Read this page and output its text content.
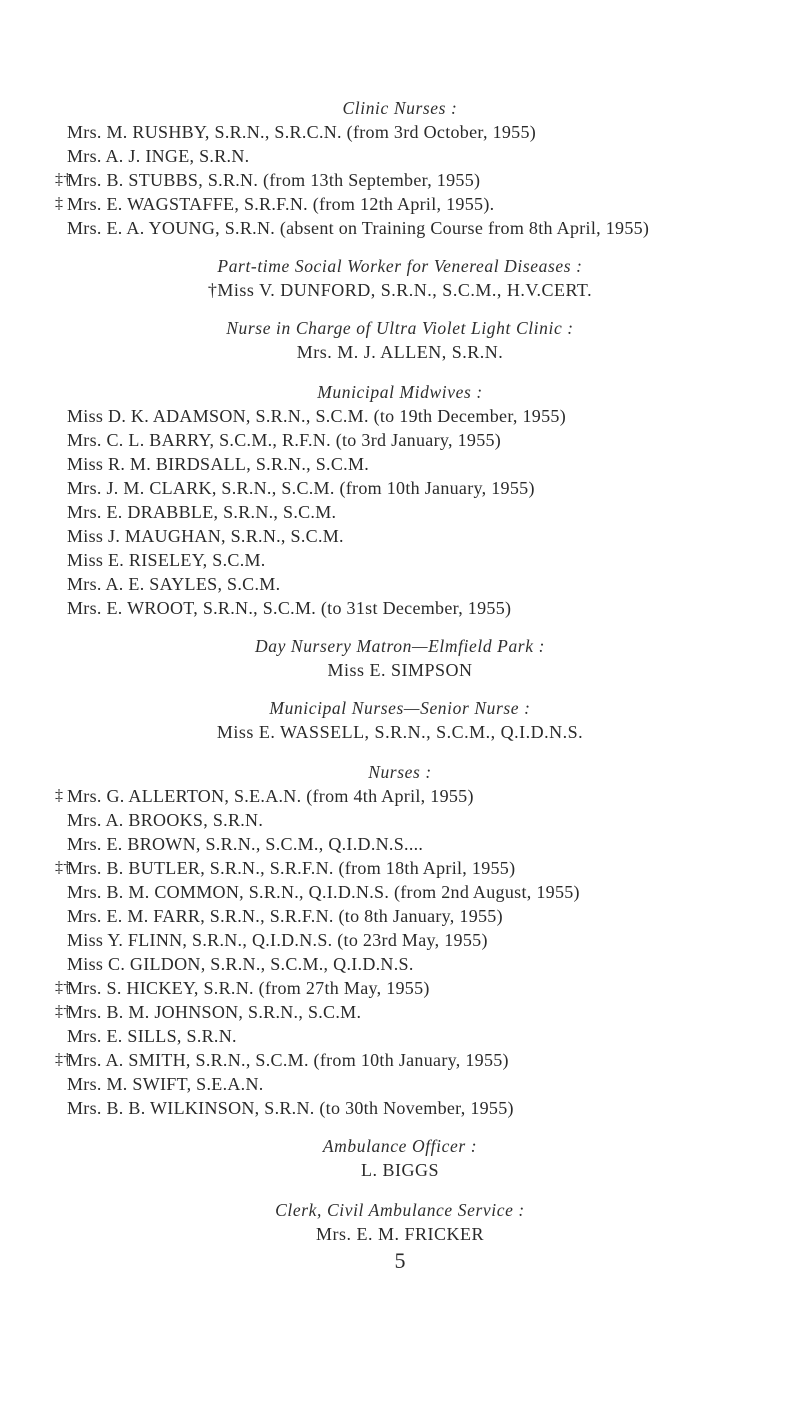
Clinic Nurses :
Mrs. M. RUSHBY, S.R.N., S.R.C.N. (from 3rd October, 1955)
Mrs. A. J. INGE, S.R.N.
‡†
Mrs. B. STUBBS, S.R.N. (from 13th September, 1955)
‡ Mrs. E. WAGSTAFFE, S.R.F.N. (from 12th April, 1955).
Mrs. E. A. YOUNG, S.R.N. (absent on Training Course from 8th April, 1955)
Part-time Social Worker for Venereal Diseases :
†Miss V. DUNFORD, S.R.N., S.C.M., H.V.CERT.
Nurse in Charge of Ultra Violet Light Clinic :
Mrs. M. J. ALLEN, S.R.N.
Municipal Midwives :
Miss D. K. ADAMSON, S.R.N., S.C.M. (to 19th December, 1955)
Mrs. C. L. BARRY, S.C.M., R.F.N. (to 3rd January, 1955)
Miss R. M. BIRDSALL, S.R.N., S.C.M.
Mrs. J. M. CLARK, S.R.N., S.C.M. (from 10th January, 1955)
Mrs. E. DRABBLE, S.R.N., S.C.M.
Miss J. MAUGHAN, S.R.N., S.C.M.
Miss E. RISELEY, S.C.M.
Mrs. A. E. SAYLES, S.C.M.
Mrs. E. WROOT, S.R.N., S.C.M. (to 31st December, 1955)
Day Nursery Matron—Elmfield Park :
Miss E. SIMPSON
Municipal Nurses—Senior Nurse :
Miss E. WASSELL, S.R.N., S.C.M., Q.I.D.N.S.
Nurses :
‡ Mrs. G. ALLERTON, S.E.A.N. (from 4th April, 1955)
Mrs. A. BROOKS, S.R.N.
Mrs. E. BROWN, S.R.N., S.C.M., Q.I.D.N.S....
‡†
Mrs. B. BUTLER, S.R.N., S.R.F.N. (from 18th April, 1955)
Mrs. B. M. COMMON, S.R.N., Q.I.D.N.S. (from 2nd August, 1955)
Mrs. E. M. FARR, S.R.N., S.R.F.N. (to 8th January, 1955)
Miss Y. FLINN, S.R.N., Q.I.D.N.S. (to 23rd May, 1955)
Miss C. GILDON, S.R.N., S.C.M., Q.I.D.N.S.
‡†
Mrs. S. HICKEY, S.R.N. (from 27th May, 1955)
‡†
Mrs. B. M. JOHNSON, S.R.N., S.C.M.
Mrs. E. SILLS, S.R.N.
‡†
Mrs. A. SMITH, S.R.N., S.C.M. (from 10th January, 1955)
Mrs. M. SWIFT, S.E.A.N.
Mrs. B. B. WILKINSON, S.R.N. (to 30th November, 1955)
Ambulance Officer :
L. BIGGS
Clerk, Civil Ambulance Service :
Mrs. E. M. FRICKER
5
